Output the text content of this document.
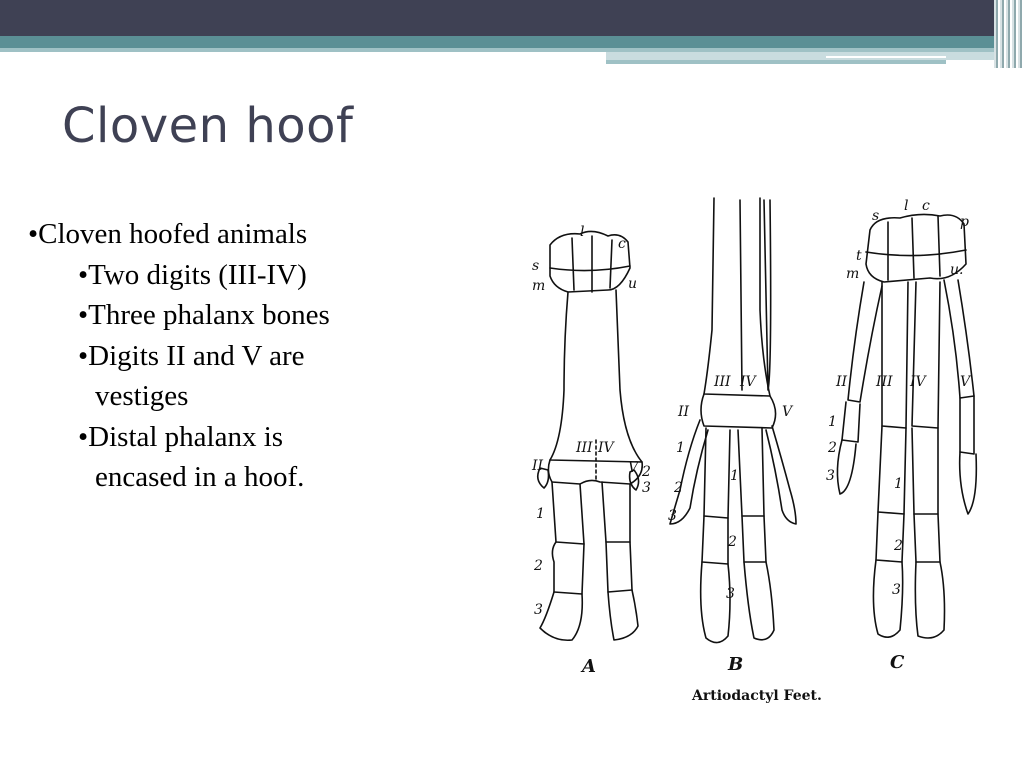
Cloven hoof
•Cloven hoofed animals
•Two digits (III-IV)
•Three phalanx bones
•Digits II and V are
vestiges
•Distal phalanx is
encased in a hoof.
s
l
c
m	u
III IV
II	V 2
3
1
2
3
III IV
II	V
1
2
3
1
2
3
s
l c
p
t
m	u.
II III IV V
1
2
3	1
2
3
A	B	C
Artiodactyl Feet.
